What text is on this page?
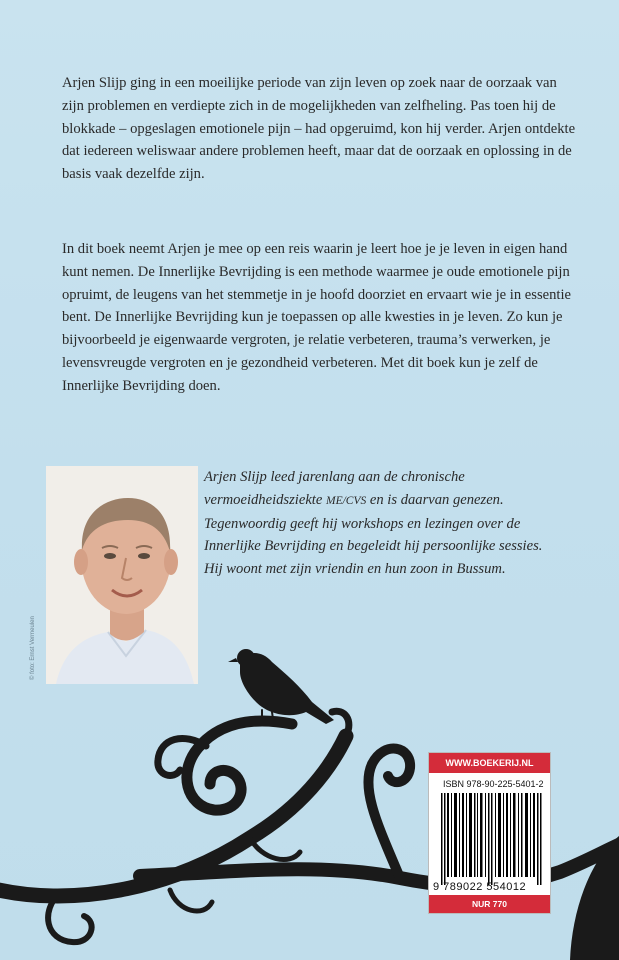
Arjen Slijp ging in een moeilijke periode van zijn leven op zoek naar de oorzaak van zijn problemen en verdiepte zich in de mogelijkheden van zelfheling. Pas toen hij de blokkade – opgeslagen emotionele pijn – had opgeruimd, kon hij verder. Arjen ontdekte dat iedereen weliswaar andere problemen heeft, maar dat de oorzaak en oplossing in de basis vaak dezelfde zijn.

In dit boek neemt Arjen je mee op een reis waarin je leert hoe je je leven in eigen hand kunt nemen. De Innerlijke Bevrijding is een methode waarmee je oude emotionele pijn opruimt, de leugens van het stemmetje in je hoofd doorziet en ervaart wie je in essentie bent. De Innerlijke Bevrijding kun je toepassen op alle kwesties in je leven. Zo kun je bijvoorbeeld je eigenwaarde vergroten, je relatie verbeteren, trauma’s verwerken, je levensvreugde vergroten en je gezondheid verbeteren. Met dit boek kun je zelf de Innerlijke Bevrijding doen.

Arjen Slijp leed jarenlang aan de chronische vermoeidheidsziekte ME/CVS en is daarvan genezen. Tegenwoordig geeft hij workshops en lezingen over de Innerlijke Bevrijding en begeleidt hij persoonlijke sessies. Hij woont met zijn vriendin en hun zoon in Bussum.

© foto: Ernst Vermeulen
WWW.BOEKERIJ.NL
ISBN 978-90-225-5401-2
9 789022 554012
NUR 770
